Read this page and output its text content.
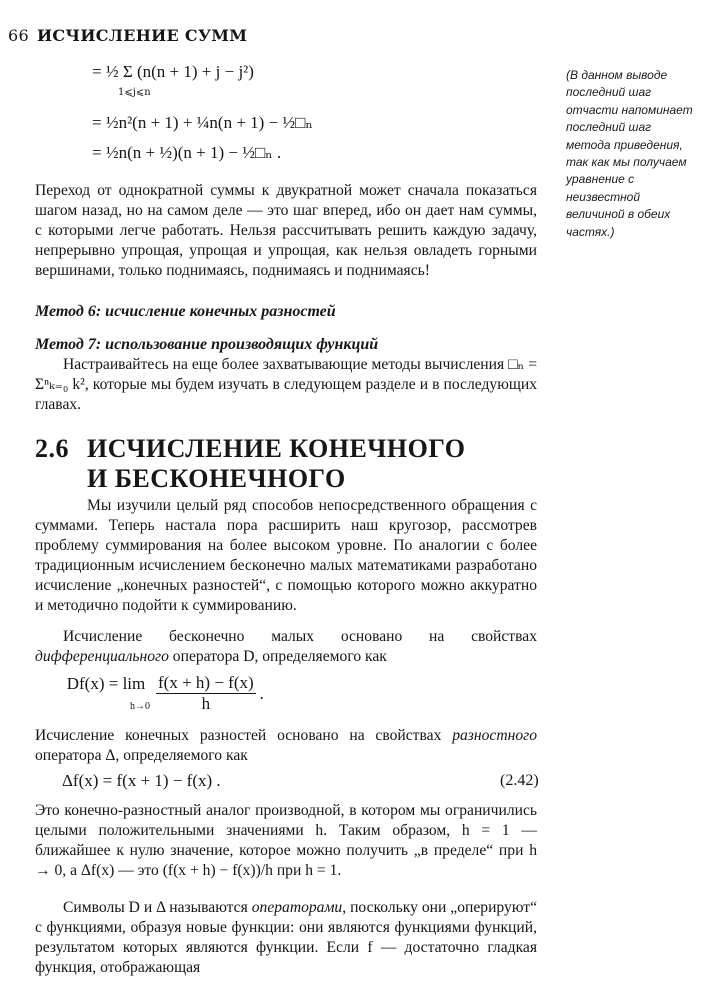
66 ИСЧИСЛЕНИЕ СУММ
= ½ Σ (n(n + 1) + j − j²)
1⩽j⩽n
= ½n²(n + 1) + ¼n(n + 1) − ½□ₙ
= ½n(n + ½)(n + 1) − ½□ₙ .
(В данном выводе последний шаг отчасти напоминает последний шаг метода приведения, так как мы получаем уравнение с неизвестной величиной в обеих частях.)

Переход от однократной суммы к двукратной может сначала показаться шагом назад, но на самом деле — это шаг вперед, ибо он дает нам суммы, с которыми легче работать. Нельзя рассчитывать решить каждую задачу, непрерывно упрощая, упрощая и упрощая, как нельзя овладеть горными вершинами, только поднимаясь, поднимаясь и поднимаясь!

Метод 6: исчисление конечных разностей
Метод 7: использование производящих функций

Настраивайтесь на еще более захватывающие методы вычисления □ₙ = Σⁿₖ₌₀ k², которые мы будем изучать в следующем разделе и в последующих главах.

2.6 ИСЧИСЛЕНИЕ КОНЕЧНОГО
И БЕСКОНЕЧНОГО

Мы изучили целый ряд способов непосредственного обращения с суммами. Теперь настала пора расширить наш кругозор, рассмотрев проблему суммирования на более высоком уровне. По аналогии с более традиционным исчислением бесконечно малых математиками разработано исчисление „конечных разностей“, с помощью которого можно аккуратно и методично подойти к суммированию.

Исчисление бесконечно малых основано на свойствах дифференциального оператора D, определяемого как

Df(x) = lim
$h\to 0 \frac{f(x + h) - f(x)}{h}$ .

Исчисление конечных разностей основано на свойствах разностного оператора Δ, определяемого как

Δf(x) = f(x + 1) − f(x) .	(2.42)

Это конечно-разностный аналог производной, в котором мы ограничились целыми положительными значениями h. Таким образом, h = 1 — ближайшее к нулю значение, которое можно получить „в пределе“ при h → 0, а Δf(x) — это (f(x + h) − f(x))/h при h = 1.

Символы D и Δ называются операторами, поскольку они „оперируют“ с функциями, образуя новые функции: они являются функциями функций, результатом которых являются функции. Если f — достаточно гладкая функция, отображающая
